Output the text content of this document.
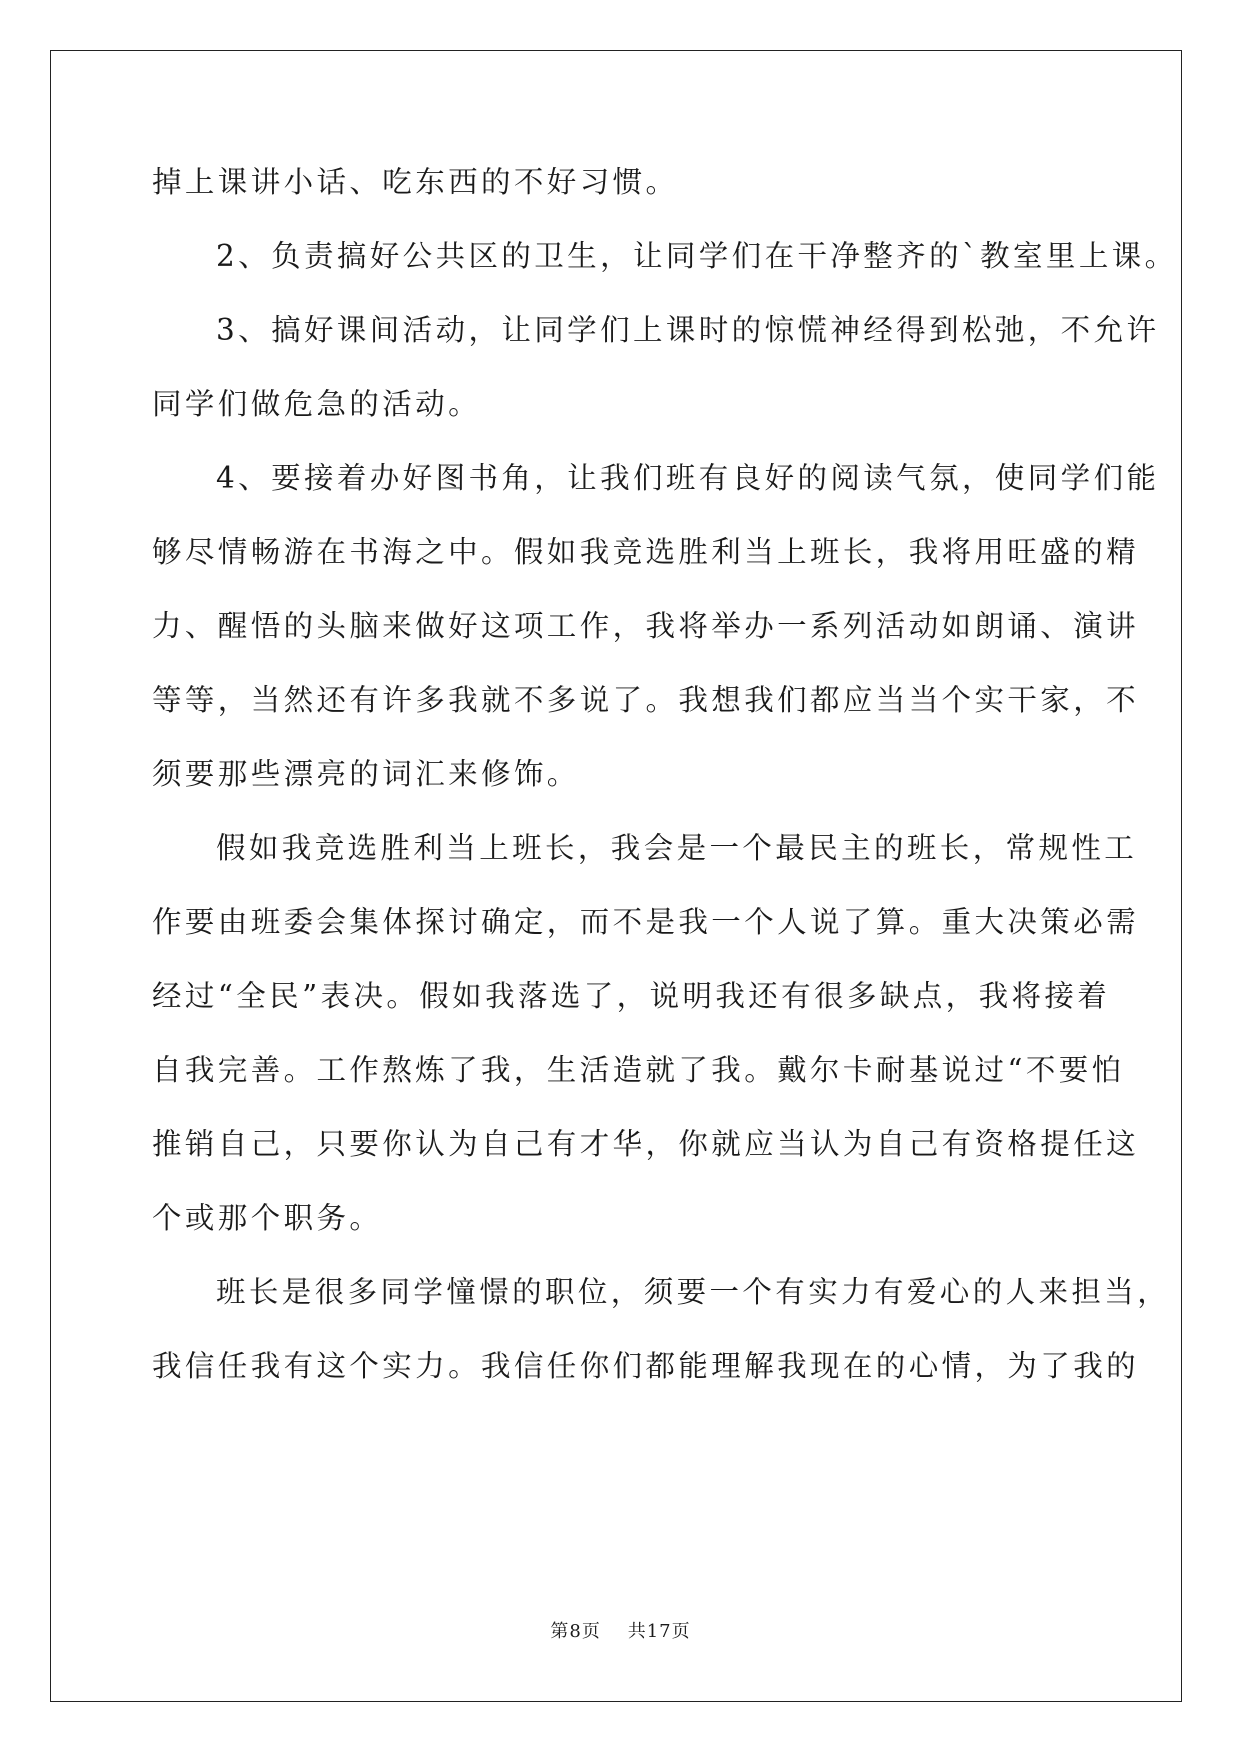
掉上课讲小话、吃东西的不好习惯。
2、负责搞好公共区的卫生，让同学们在干净整齐的`教室里上课。
3、搞好课间活动，让同学们上课时的惊慌神经得到松弛，不允许
同学们做危急的活动。
4、要接着办好图书角，让我们班有良好的阅读气氛，使同学们能
够尽情畅游在书海之中。假如我竞选胜利当上班长，我将用旺盛的精
力、醒悟的头脑来做好这项工作，我将举办一系列活动如朗诵、演讲
等等，当然还有许多我就不多说了。我想我们都应当当个实干家，不
须要那些漂亮的词汇来修饰。
假如我竞选胜利当上班长，我会是一个最民主的班长，常规性工
作要由班委会集体探讨确定，而不是我一个人说了算。重大决策必需
经过“全民”表决。假如我落选了，说明我还有很多缺点，我将接着
自我完善。工作熬炼了我，生活造就了我。戴尔卡耐基说过“不要怕
推销自己，只要你认为自己有才华，你就应当认为自己有资格提任这
个或那个职务。
班长是很多同学憧憬的职位，须要一个有实力有爱心的人来担当，
我信任我有这个实力。我信任你们都能理解我现在的心情，为了我的
第8页    共17页
